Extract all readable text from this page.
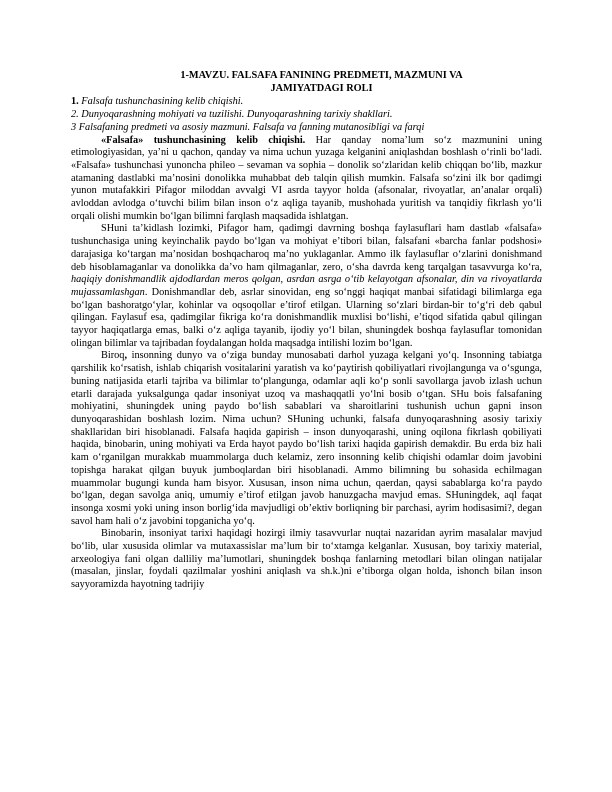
1-MAVZU. FALSAFA FANINING PREDMETI, MAZMUNI VA
JAMIYATDAGI ROLI

1. Falsafa tushunchasining kelib chiqishi.

2. Dunyoqarashning mohiyati va tuzilishi. Dunyoqarashning tarixiy shakllari.

3 Falsafaning predmeti va asosiy mazmuni. Falsafa va fanning mutanosibligi va farqi

«Falsafa» tushunchasining kelib chiqishi. Har qanday noma’lum so‘z mazmunini uning etimologiyasidan, ya’ni u qachon, qanday va nima uchun yuzaga kelganini aniqlashdan boshlash o‘rinli bo‘ladi. «Falsafa» tushunchasi yunoncha phileo – sevaman va sophia – donolik so‘zlaridan kelib chiqqan bo‘lib, mazkur atamaning dastlabki ma’nosini donolikka muhabbat deb talqin qilish mumkin. Falsafa so‘zini ilk bor qadimgi yunon mutafakkiri Pifagor miloddan avvalgi VI asrda tayyor holda (afsonalar, rivoyatlar, an’analar orqali) avloddan avlodga o‘tuvchi bilim bilan inson o‘z aqliga tayanib, mushohada yuritish va tanqidiy fikrlash yo‘li orqali olishi mumkin bo‘lgan bilimni farqlash maqsadida ishlatgan.

SHuni ta’kidlash lozimki, Pifagor ham, qadimgi davrning boshqa faylasuflari ham dastlab «falsafa» tushunchasiga uning keyinchalik paydo bo‘lgan va mohiyat e’tibori bilan, falsafani «barcha fanlar podshosi» darajasiga ko‘targan ma’nosidan boshqacharoq ma’no yuklaganlar. Ammo ilk faylasuflar o‘zlarini donishmand deb hisoblamaganlar va donolikka da’vo ham qilmaganlar, zero, o‘sha davrda keng tarqalgan tasavvurga ko‘ra, haqiqiy donishmandlik ajdodlardan meros qolgan, asrdan asrga o‘tib kelayotgan afsonalar, din va rivoyatlarda mujassamlashgan. Donishmandlar deb, asrlar sinovidan, eng so‘nggi haqiqat manbai sifatidagi bilimlarga ega bo‘lgan bashoratgo‘ylar, kohinlar va oqsoqollar e’tirof etilgan. Ularning so‘zlari birdan-bir to‘g‘ri deb qabul qilingan. Faylasuf esa, qadimgilar fikriga ko‘ra donishmandlik muxlisi bo‘lishi, e’tiqod sifatida qabul qilingan tayyor haqiqatlarga emas, balki o‘z aqliga tayanib, ijodiy yo‘l bilan, shuningdek boshqa faylasuflar tomonidan olingan bilimlar va tajribadan foydalangan holda maqsadga intilishi lozim bo‘lgan.

Biroq, insonning dunyo va o‘ziga bunday munosabati darhol yuzaga kelgani yo‘q. Insonning tabiatga qarshilik ko‘rsatish, ishlab chiqarish vositalarini yaratish va ko‘paytirish qobiliyatlari rivojlangunga va o‘sgunga, buning natijasida etarli tajriba va bilimlar to‘plangunga, odamlar aqli ko‘p sonli savollarga javob izlash uchun etarli darajada yuksalgunga qadar insoniyat uzoq va mashaqqatli yo‘lni bosib o‘tgan. SHu bois falsafaning mohiyatini, shuningdek uning paydo bo‘lish sabablari va sharoitlarini tushunish uchun gapni inson dunyoqarashidan boshlash lozim. Nima uchun? SHuning uchunki, falsafa dunyoqarashning asosiy tarixiy shakllaridan biri hisoblanadi. Falsafa haqida gapirish – inson dunyoqarashi, uning oqilona fikrlash qobiliyati haqida, binobarin, uning mohiyati va Erda hayot paydo bo‘lish tarixi haqida gapirish demakdir. Bu erda biz hali kam o‘rganilgan murakkab muammolarga duch kelamiz, zero insonning kelib chiqishi odamlar doim javobini topishga harakat qilgan buyuk jumboqlardan biri hisoblanadi. Ammo bilimning bu sohasida echilmagan muammolar bugungi kunda ham bisyor. Xususan, inson nima uchun, qaerdan, qaysi sabablarga ko‘ra paydo bo‘lgan, degan savolga aniq, umumiy e’tirof etilgan javob hanuzgacha mavjud emas. SHuningdek, aql faqat insonga xosmi yoki uning inson borlig‘ida mavjudligi ob’ektiv borliqning bir parchasi, ayrim hodisasimi?, degan savol ham hali o‘z javobini topganicha yo‘q.

Binobarin, insoniyat tarixi haqidagi hozirgi ilmiy tasavvurlar nuqtai nazaridan ayrim masalalar mavjud bo‘lib, ular xususida olimlar va mutaxassislar ma’lum bir to‘xtamga kelganlar. Xususan, boy tarixiy material, arxeologiya fani olgan dalliliy ma’lumotlari, shuningdek boshqa fanlarning metodlari bilan olingan natijalar (masalan, jinslar, foydali qazilmalar yoshini aniqlash va sh.k.)ni e’tiborga olgan holda, ishonch bilan inson sayyoramizda hayotning tadrijiy
